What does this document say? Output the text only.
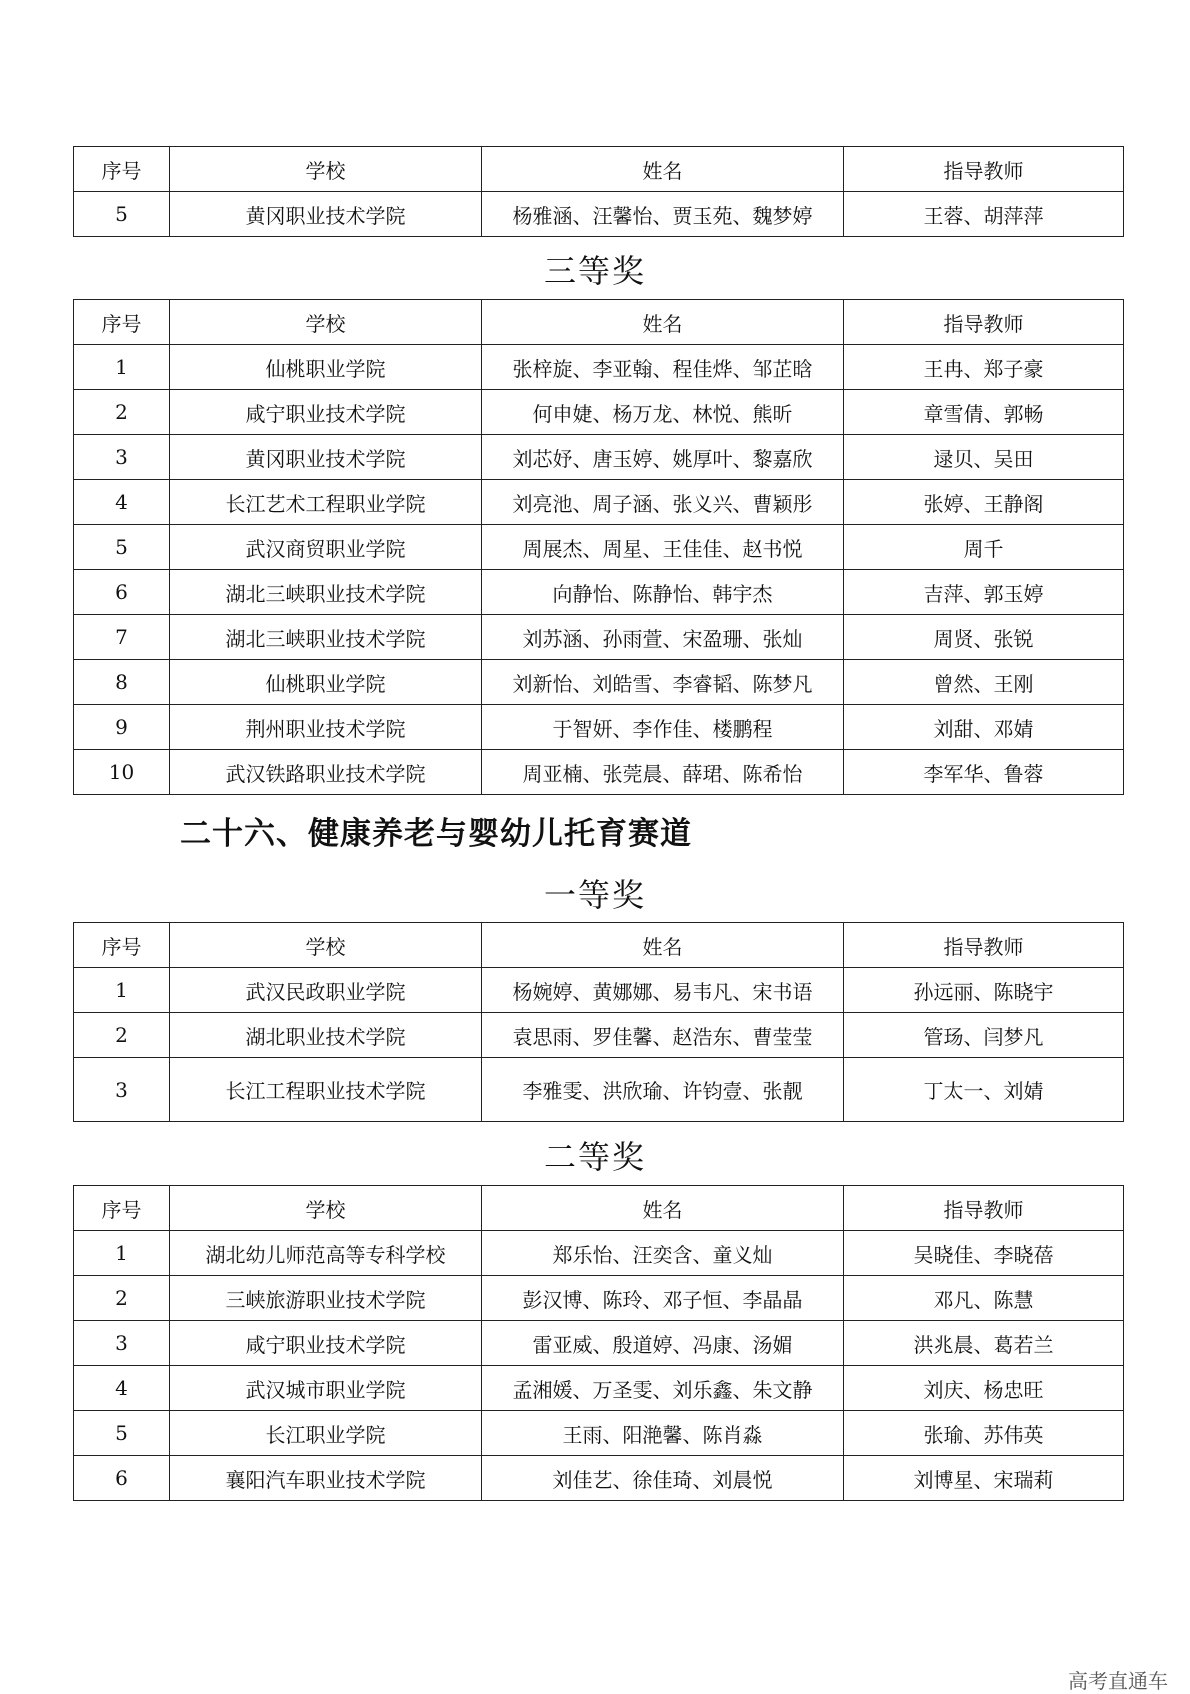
序号	学校	姓名	指导教师
5	黄冈职业技术学院	杨雅涵、汪馨怡、贾玉苑、魏梦婷	王蓉、胡萍萍
三等奖
序号	学校	姓名	指导教师
1	仙桃职业学院	张梓旋、李亚翰、程佳烨、邹芷晗	王冉、郑子豪
2	咸宁职业技术学院	何申婕、杨万龙、林悦、熊昕	章雪倩、郭畅
3	黄冈职业技术学院	刘芯妤、唐玉婷、姚厚叶、黎嘉欣	逯贝、吴田
4	长江艺术工程职业学院	刘亮池、周子涵、张义兴、曹颖彤	张婷、王静阁
5	武汉商贸职业学院	周展杰、周星、王佳佳、赵书悦	周千
6	湖北三峡职业技术学院	向静怡、陈静怡、韩宇杰	吉萍、郭玉婷
7	湖北三峡职业技术学院	刘苏涵、孙雨萱、宋盈珊、张灿	周贤、张锐
8	仙桃职业学院	刘新怡、刘皓雪、李睿韬、陈梦凡	曾然、王刚
9	荆州职业技术学院	于智妍、李作佳、楼鹏程	刘甜、邓婧
10	武汉铁路职业技术学院	周亚楠、张莞晨、薛珺、陈希怡	李军华、鲁蓉
二十六、健康养老与婴幼儿托育赛道
一等奖
序号	学校	姓名	指导教师
1	武汉民政职业学院	杨婉婷、黄娜娜、易韦凡、宋书语	孙远丽、陈晓宇
2	湖北职业技术学院	袁思雨、罗佳馨、赵浩东、曹莹莹	管玚、闫梦凡
3	长江工程职业技术学院	李雅雯、洪欣瑜、许钧壹、张靓	丁太一、刘婧
二等奖
序号	学校	姓名	指导教师
1	湖北幼儿师范高等专科学校	郑乐怡、汪奕含、童义灿	吴晓佳、李晓蓓
2	三峡旅游职业技术学院	彭汉博、陈玲、邓子恒、李晶晶	邓凡、陈慧
3	咸宁职业技术学院	雷亚威、殷道婷、冯康、汤媚	洪兆晨、葛若兰
4	武汉城市职业学院	孟湘媛、万圣雯、刘乐鑫、朱文静	刘庆、杨忠旺
5	长江职业学院	王雨、阳滟馨、陈肖淼	张瑜、苏伟英
6	襄阳汽车职业技术学院	刘佳艺、徐佳琦、刘晨悦	刘博星、宋瑞莉
高考直通车
